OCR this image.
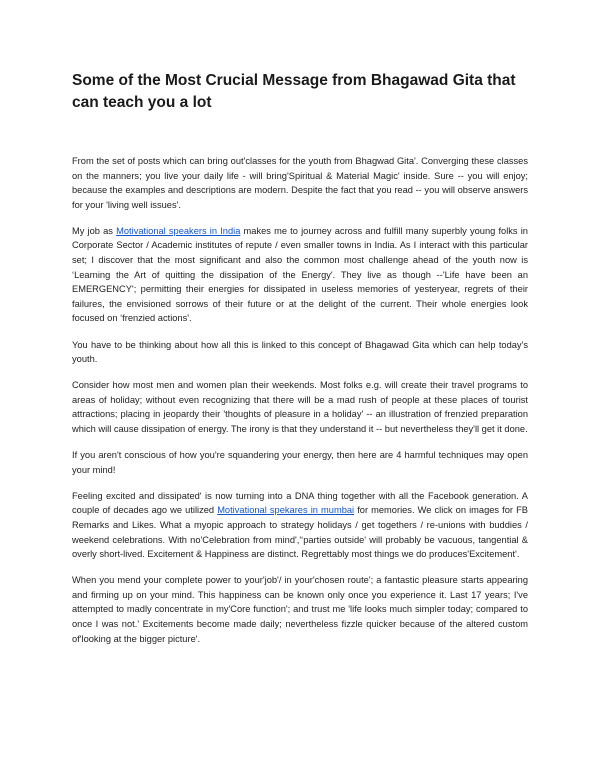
Some of the Most Crucial Message from Bhagawad Gita that can teach you a lot

From the set of posts which can bring out'classes for the youth from Bhagwad Gita'. Converging these classes on the manners; you live your daily life - will bring'Spiritual & Material Magic' inside. Sure -- you will enjoy; because the examples and descriptions are modern. Despite the fact that you read -- you will observe answers for your 'living well issues'.

My job as Motivational speakers in India makes me to journey across and fulfill many superbly young folks in Corporate Sector / Academic institutes of repute / even smaller towns in India. As I interact with this particular set; I discover that the most significant and also the common most challenge ahead of the youth now is ‘Learning the Art of quitting the dissipation of the Energy'. They live as though --'Life have been an EMERGENCY'; permitting their energies for dissipated in useless memories of yesteryear, regrets of their failures, the envisioned sorrows of their future or at the delight of the current. Their whole energies look focused on ‘frenzied actions'.

You have to be thinking about how all this is linked to this concept of Bhagawad Gita which can help today's youth.

Consider how most men and women plan their weekends. Most folks e.g. will create their travel programs to areas of holiday; without even recognizing that there will be a mad rush of people at these places of tourist attractions; placing in jeopardy their 'thoughts of pleasure in a holiday' -- an illustration of frenzied preparation which will cause dissipation of energy. The irony is that they understand it -- but nevertheless they'll get it done.

If you aren't conscious of how you're squandering your energy, then here are 4 harmful techniques may open your mind!

Feeling excited and dissipated' is now turning into a DNA thing together with all the Facebook generation. A couple of decades ago we utilized Motivational spekares in mumbai for memories. We click on images for FB Remarks and Likes. What a myopic approach to strategy holidays / get togethers / re-unions with buddies / weekend celebrations. With no'Celebration from mind','‘parties outside' will probably be vacuous, tangential & overly short-lived. Excitement & Happiness are distinct. Regrettably most things we do produces'Excitement'.

When you mend your complete power to your'job'/ in your'chosen route'; a fantastic pleasure starts appearing and firming up on your mind. This happiness can be known only once you experience it. Last 17 years; I've attempted to madly concentrate in my'Core function'; and trust me 'life looks much simpler today; compared to once I was not.' Excitements become made daily; nevertheless fizzle quicker because of the altered custom of'looking at the bigger picture'.
